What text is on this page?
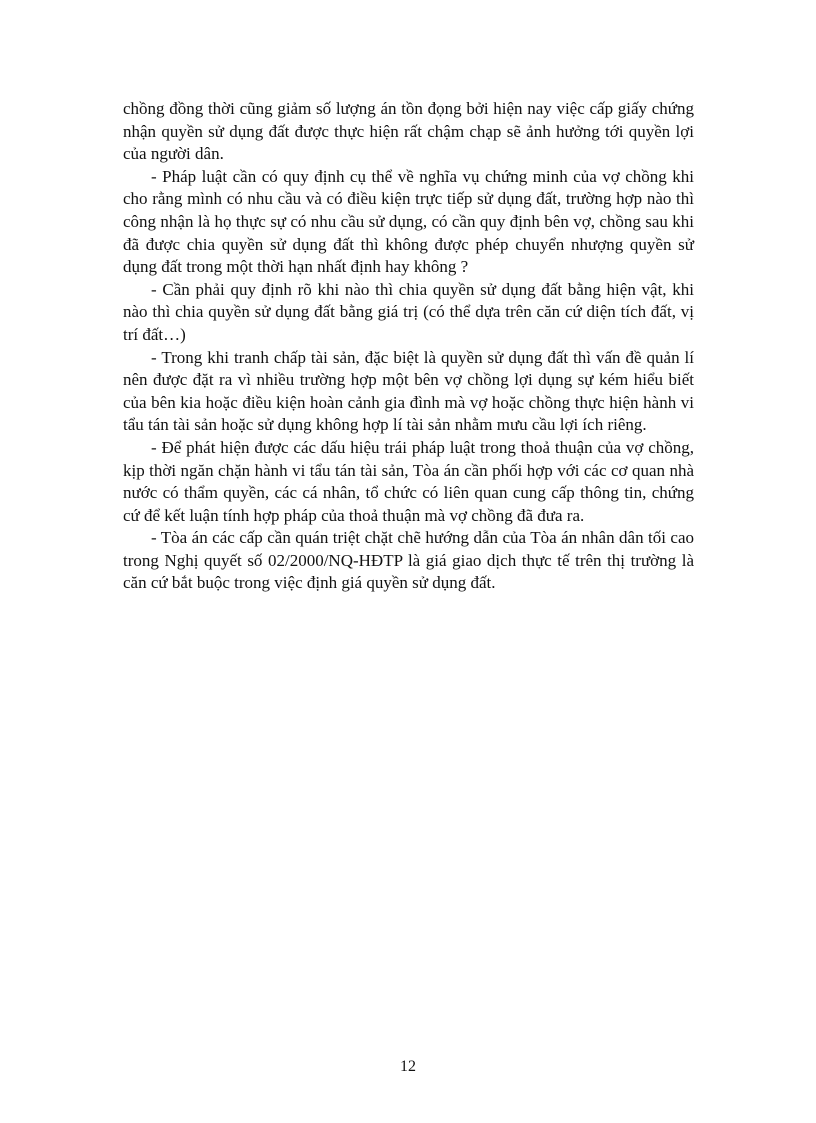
chồng đồng thời cũng giảm số lượng án tồn đọng bởi hiện nay việc cấp giấy chứng nhận quyền sử dụng đất được thực hiện rất chậm chạp sẽ ảnh hưởng tới quyền lợi của người dân.

- Pháp luật cần có quy định cụ thể về nghĩa vụ chứng minh của vợ chồng khi cho rằng mình có nhu cầu và có điều kiện trực tiếp sử dụng đất, trường hợp nào thì công nhận là họ thực sự có nhu cầu sử dụng, có cần quy định bên vợ, chồng sau khi đã được chia quyền sử dụng đất thì không được phép chuyển nhượng quyền sử dụng đất trong một thời hạn nhất định hay không ?

- Cần phải quy định rõ khi nào thì chia quyền sử dụng đất bằng hiện vật, khi nào thì chia quyền sử dụng đất bằng giá trị (có thể dựa trên căn cứ diện tích đất, vị trí đất…)

- Trong khi tranh chấp tài sản, đặc biệt là quyền sử dụng đất thì vấn đề quản lí nên được đặt ra vì nhiều trường hợp một bên vợ chồng lợi dụng sự kém hiểu biết của bên kia hoặc điều kiện hoàn cảnh gia đình mà vợ hoặc chồng thực hiện hành vi tẩu tán tài sản hoặc sử dụng không hợp lí tài sản nhằm mưu cầu lợi ích riêng.

- Để phát hiện được các dấu hiệu trái pháp luật trong thoả thuận của vợ chồng, kịp thời ngăn chặn hành vi tẩu tán tài sản, Tòa án cần phối hợp với các cơ quan nhà nước có thẩm quyền, các cá nhân, tổ chức có liên quan cung cấp thông tin, chứng cứ để kết luận tính hợp pháp của thoả thuận mà vợ chồng đã đưa ra.

- Tòa án các cấp cần quán triệt chặt chẽ hướng dẫn của Tòa án nhân dân tối cao trong Nghị quyết số 02/2000/NQ-HĐTP là giá giao dịch thực tế trên thị trường là căn cứ bắt buộc trong việc định giá quyền sử dụng đất.

12
